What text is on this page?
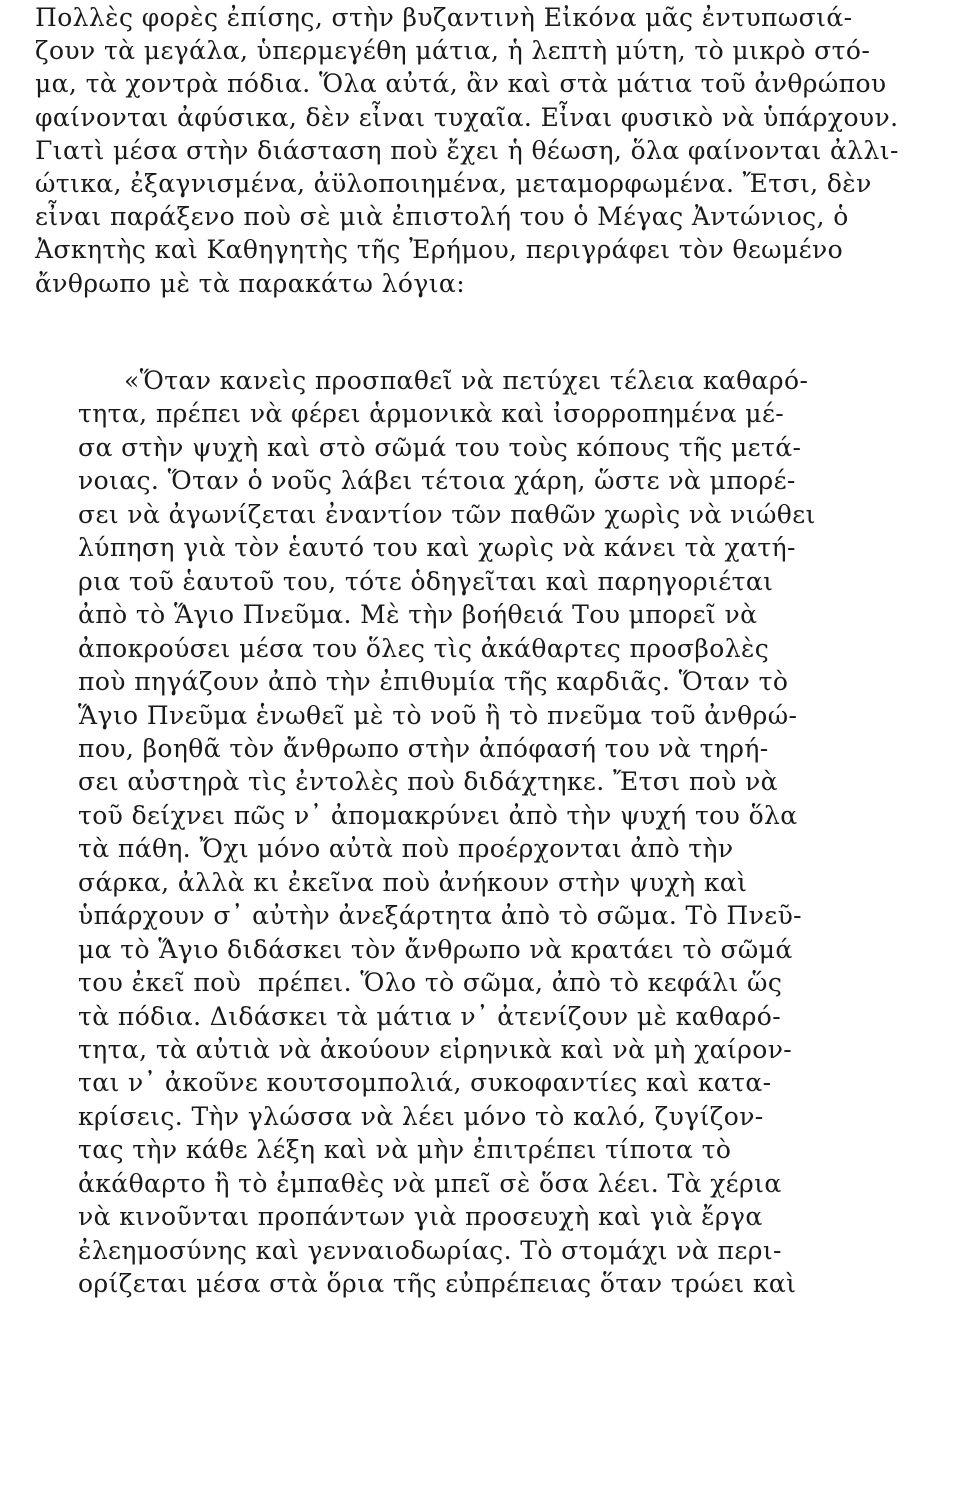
Πολλὲς φορὲς ἐπίσης, στὴν βυζαντινὴ Εἰκόνα μᾶς ἐντυπωσιά-
ζουν τὰ μεγάλα, ὑπερμεγέθη μάτια, ἡ λεπτὴ μύτη, τὸ μικρὸ στό-
μα, τὰ χοντρὰ πόδια. Ὅλα αὐτά, ἂν καὶ στὰ μάτια τοῦ ἀνθρώπου
φαίνονται ἀφύσικα, δὲν εἶναι τυχαῖα. Εἶναι φυσικὸ νὰ ὑπάρχουν.
Γιατὶ μέσα στὴν διάσταση ποὺ ἔχει ἡ θέωση, ὅλα φαίνονται ἀλλι-
ώτικα, ἐξαγνισμένα, ἀϋλοποιημένα, μεταμορφωμένα. Ἔτσι, δὲν
εἶναι παράξενο ποὺ σὲ μιὰ ἐπιστολή του ὁ Μέγας Ἀντώνιος, ὁ
Ἀσκητὴς καὶ Καθηγητὴς τῆς Ἐρήμου, περιγράφει τὸν θεωμένο
ἄνθρωπο μὲ τὰ παρακάτω λόγια:
«Ὅταν κανεὶς προσπαθεῖ νὰ πετύχει τέλεια καθαρό-
τητα, πρέπει νὰ φέρει ἁρμονικὰ καὶ ἰσορροπημένα μέ-
σα στὴν ψυχὴ καὶ στὸ σῶμά του τοὺς κόπους τῆς μετά-
νοιας. Ὅταν ὁ νοῦς λάβει τέτοια χάρη, ὥστε νὰ μπορέ-
σει νὰ ἀγωνίζεται ἐναντίον τῶν παθῶν χωρὶς νὰ νιώθει
λύπηση γιὰ τὸν ἑαυτό του καὶ χωρὶς νὰ κάνει τὰ χατή-
ρια τοῦ ἑαυτοῦ του, τότε ὁδηγεῖται καὶ παρηγοριέται
ἀπὸ τὸ Ἅγιο Πνεῦμα. Μὲ τὴν βοήθειά Του μπορεῖ νὰ
ἀποκρούσει μέσα του ὅλες τὶς ἀκάθαρτες προσβολὲς
ποὺ πηγάζουν ἀπὸ τὴν ἐπιθυμία τῆς καρδιᾶς. Ὅταν τὸ
Ἅγιο Πνεῦμα ἑνωθεῖ μὲ τὸ νοῦ ἢ τὸ πνεῦμα τοῦ ἀνθρώ-
που, βοηθᾶ τὸν ἄνθρωπο στὴν ἀπόφασή του νὰ τηρή-
σει αὐστηρὰ τὶς ἐντολὲς ποὺ διδάχτηκε. Ἔτσι ποὺ νὰ
τοῦ δείχνει πῶς ν᾿ ἀπομακρύνει ἀπὸ τὴν ψυχή του ὅλα
τὰ πάθη. Ὄχι μόνο αὐτὰ ποὺ προέρχονται ἀπὸ τὴν
σάρκα, ἀλλὰ κι ἐκεῖνα ποὺ ἀνήκουν στὴν ψυχὴ καὶ
ὑπάρχουν σ᾿ αὐτὴν ἀνεξάρτητα ἀπὸ τὸ σῶμα. Τὸ Πνεῦ-
μα τὸ Ἅγιο διδάσκει τὸν ἄνθρωπο νὰ κρατάει τὸ σῶμά
του ἐκεῖ ποὺ  πρέπει. Ὅλο τὸ σῶμα, ἀπὸ τὸ κεφάλι ὥς
τὰ πόδια. Διδάσκει τὰ μάτια ν᾿ ἀτενίζουν μὲ καθαρό-
τητα, τὰ αὐτιὰ νὰ ἀκούουν εἰρηνικὰ καὶ νὰ μὴ χαίρον-
ται ν᾿ ἀκοῦνε κουτσομπολιά, συκοφαντίες καὶ κατα-
κρίσεις. Τὴν γλώσσα νὰ λέει μόνο τὸ καλό, ζυγίζον-
τας τὴν κάθε λέξη καὶ νὰ μὴν ἐπιτρέπει τίποτα τὸ
ἀκάθαρτο ἢ τὸ ἐμπαθὲς νὰ μπεῖ σὲ ὅσα λέει. Τὰ χέρια
νὰ κινοῦνται προπάντων γιὰ προσευχὴ καὶ γιὰ ἔργα
ἐλεημοσύνης καὶ γενναιοδωρίας. Τὸ στομάχι νὰ περι-
ορίζεται μέσα στὰ ὅρια τῆς εὐπρέπειας ὅταν τρώει καὶ
